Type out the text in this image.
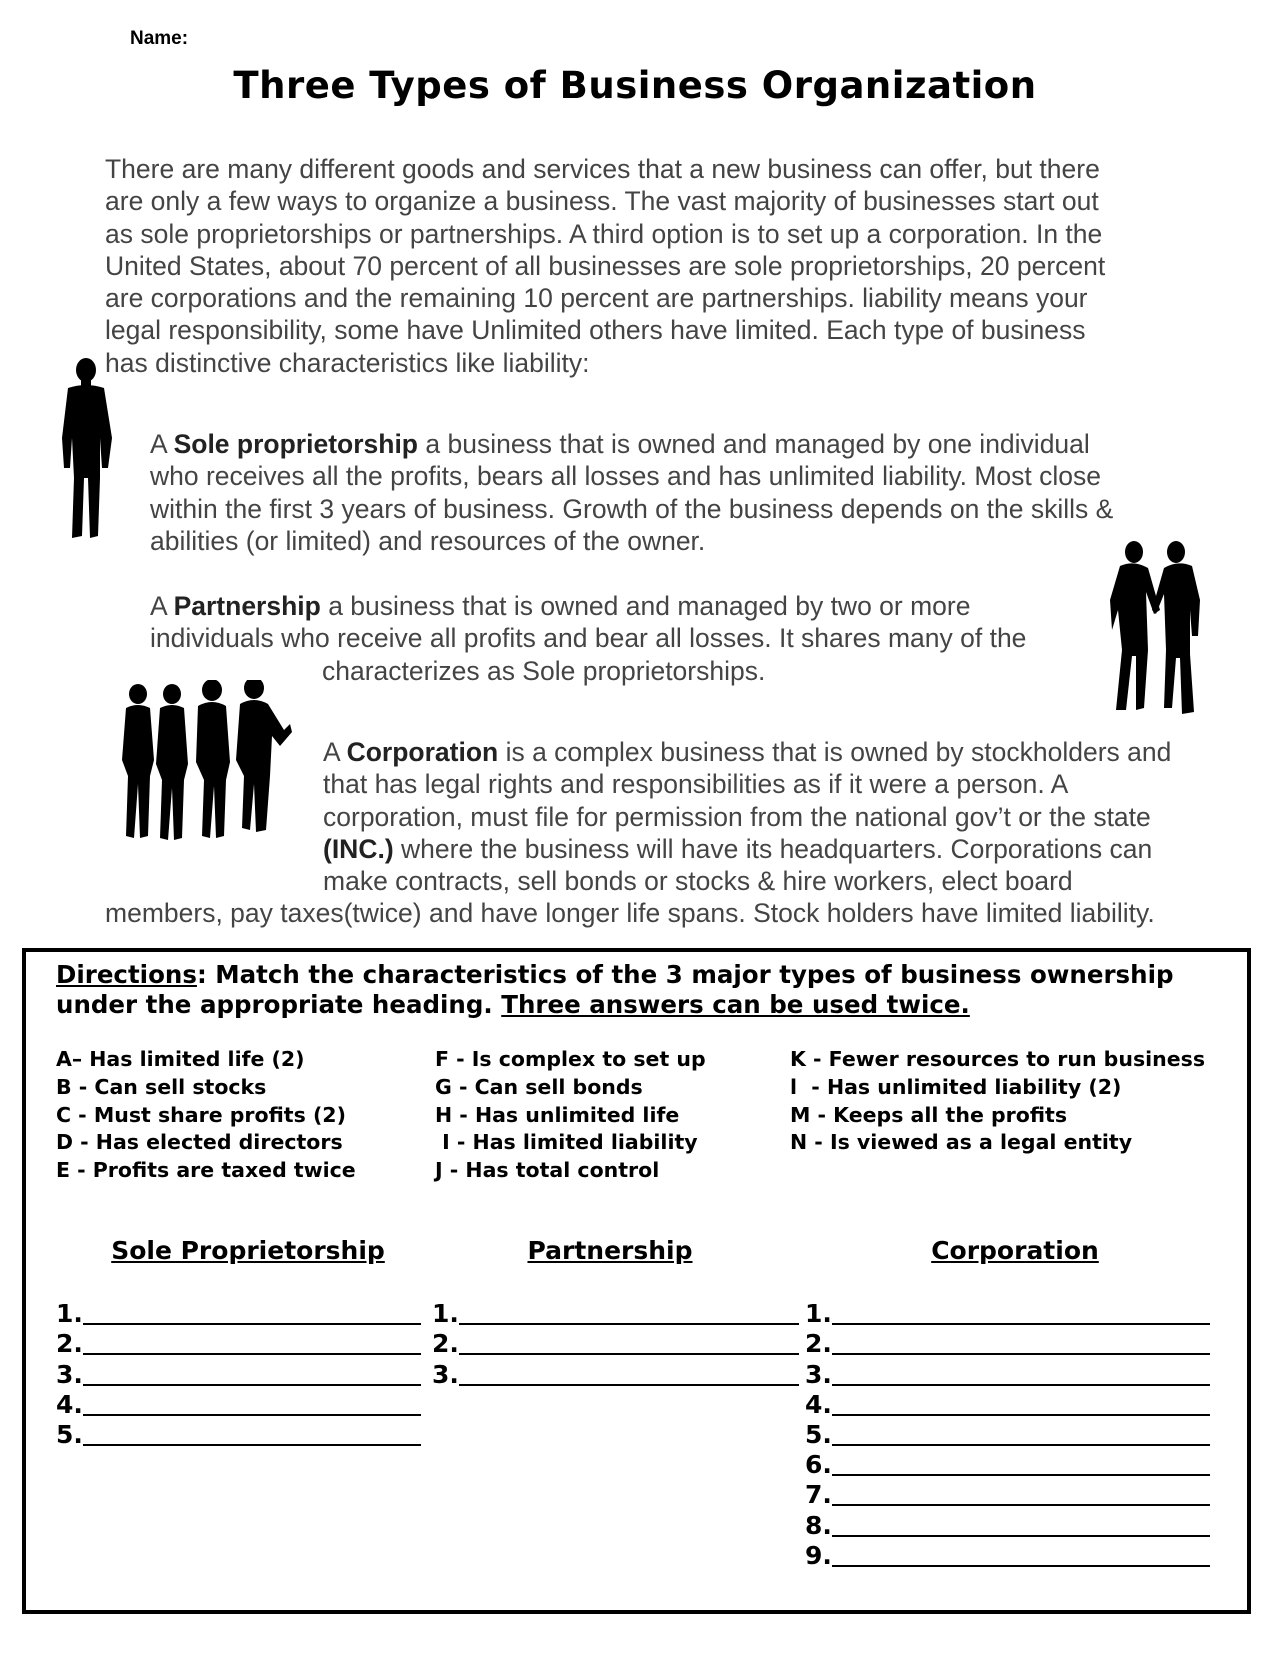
Name:
Three Types of Business Organization
There are many different goods and services that a new business can offer, but there
are only a few ways to organize a business. The vast majority of businesses start out
as sole proprietorships or partnerships. A third option is to set up a corporation. In the
United States, about 70 percent of all businesses are sole proprietorships, 20 percent
are corporations and the remaining 10 percent are partnerships. liability means your
legal responsibility, some have Unlimited others have limited. Each type of business
has distinctive characteristics like liability:
A Sole proprietorship a business that is owned and managed by one individual
who receives all the profits, bears all losses and has unlimited liability. Most close
within the first 3 years of business. Growth of the business depends on the skills &
abilities (or limited) and resources of the owner.
A Partnership a business that is owned and managed by two or more
individuals who receive all profits and bear all losses. It shares many of the
characterizes as Sole proprietorships.
A Corporation is a complex business that is owned by stockholders and
that has legal rights and responsibilities as if it were a person. A
corporation, must file for permission from the national gov’t or the state
(INC.) where the business will have its headquarters. Corporations can
make contracts, sell bonds or stocks & hire workers, elect board
members, pay taxes(twice) and have longer life spans. Stock holders have limited liability.
Directions: Match the characteristics of the 3 major types of business ownership
under the appropriate heading. Three answers can be used twice.
A– Has limited life (2)
B - Can sell stocks
C - Must share profits (2)
D - Has elected directors
E - Profits are taxed twice
F - Is complex to set up
G - Can sell bonds
H - Has unlimited life
I - Has limited liability
J - Has total control
K - Fewer resources to run business
l  - Has unlimited liability (2)
M - Keeps all the profits
N - Is viewed as a legal entity
Sole Proprietorship	Partnership	Corporation
1.
2.
3.
4.
5.
1.
2.
3.
1.
2.
3.
4.
5.
6.
7.
8.
9.
